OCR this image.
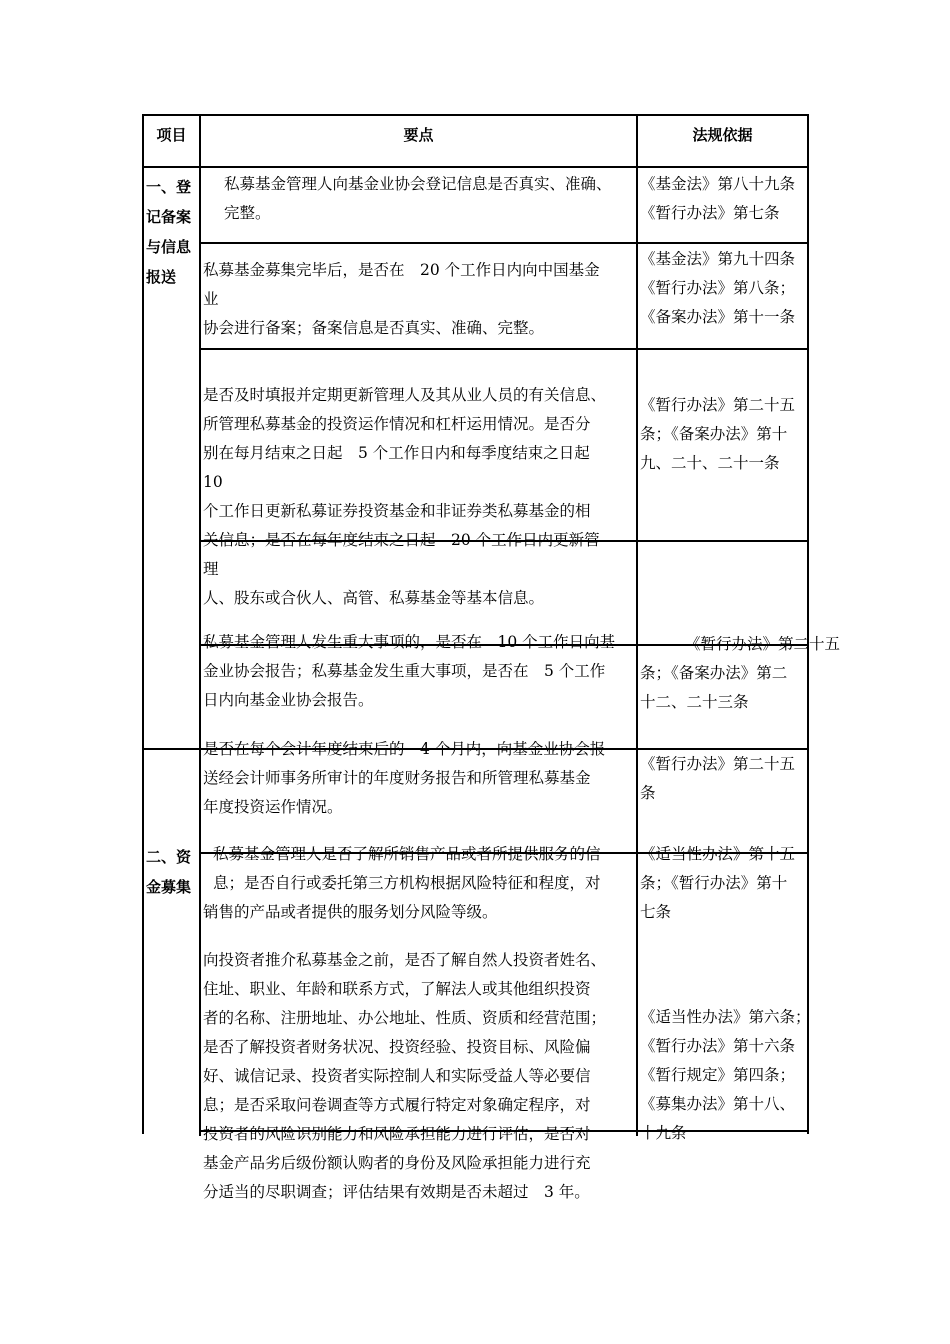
项目	要点	法规依据
一、登
记备案
与信息
报送
二、资
金募集
私募基金管理人向基金业协会登记信息是否真实、准确、
完整。
《基金法》第八十九条
《暂行办法》第七条
私募基金募集完毕后，是否在　20 个工作日内向中国基金
业
协会进行备案；备案信息是否真实、准确、完整。
《基金法》第九十四条
《暂行办法》第八条；
《备案办法》第十一条
是否及时填报并定期更新管理人及其从业人员的有关信息、
所管理私募基金的投资运作情况和杠杆运用情况。是否分
别在每月结束之日起　5 个工作日内和每季度结束之日起
10
个工作日更新私募证券投资基金和非证券类私募基金的相
关信息；是否在每年度结束之日起　20 个工作日内更新管
理
人、股东或合伙人、高管、私募基金等基本信息。
《暂行办法》第二十五
条；《备案办法》第十
九、二十、二十一条
私募基金管理人发生重大事项的，是否在　10 个工作日向基
金业协会报告；私募基金发生重大事项，是否在　5 个工作
日内向基金业协会报告。
《暂行办法》第二十五
条；《备案办法》第二
十二、二十三条
是否在每个会计年度结束后的　4 个月内，向基金业协会报
送经会计师事务所审计的年度财务报告和所管理私募基金
年度投资运作情况。
《暂行办法》第二十五
条
私募基金管理人是否了解所销售产品或者所提供服务的信
息；是否自行或委托第三方机构根据风险特征和程度，对
销售的产品或者提供的服务划分风险等级。
《适当性办法》第十五
条；《暂行办法》第十
七条
向投资者推介私募基金之前，是否了解自然人投资者姓名、
住址、职业、年龄和联系方式，了解法人或其他组织投资
者的名称、注册地址、办公地址、性质、资质和经营范围；
是否了解投资者财务状况、投资经验、投资目标、风险偏
好、诚信记录、投资者实际控制人和实际受益人等必要信
息；是否采取问卷调查等方式履行特定对象确定程序，对
投资者的风险识别能力和风险承担能力进行评估，是否对
基金产品劣后级份额认购者的身份及风险承担能力进行充
分适当的尽职调查；评估结果有效期是否未超过　3 年。
《适当性办法》第六条；
《暂行办法》第十六条
《暂行规定》第四条；
《募集办法》第十八、
十九条
